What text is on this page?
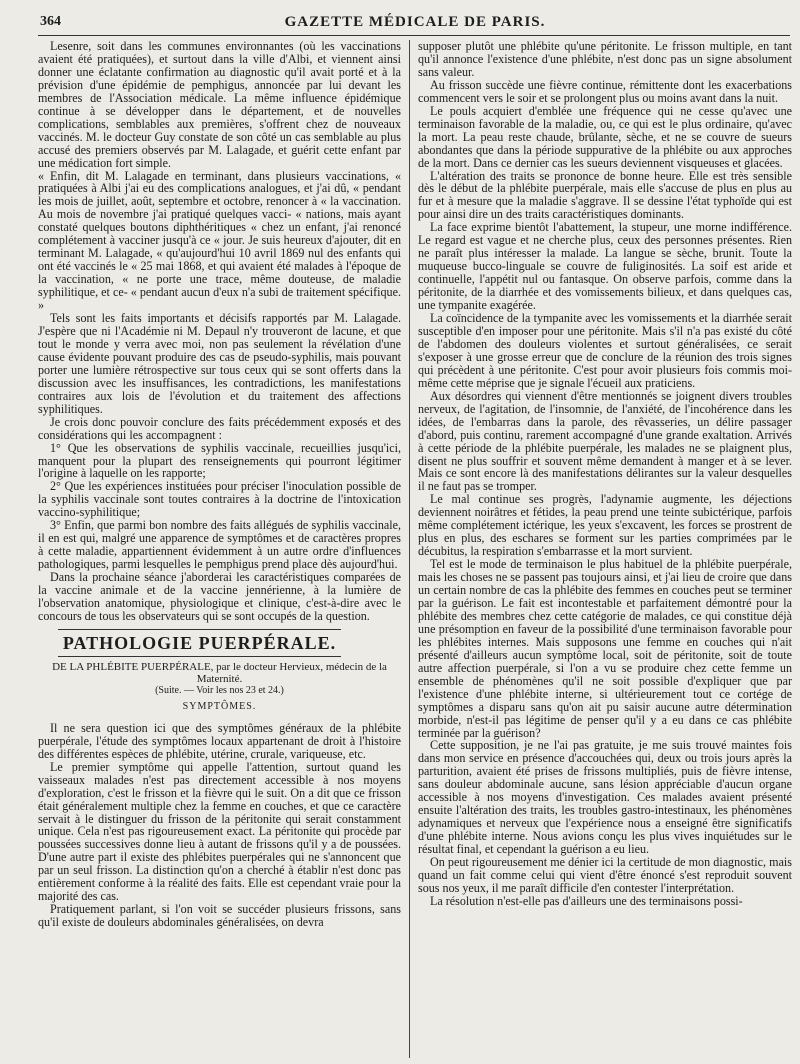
364	GAZETTE MÉDICALE DE PARIS.

Lesenre, soit dans les communes environnantes (où les vaccinations avaient été pratiquées), et surtout dans la ville d'Albi, et viennent ainsi donner une éclatante confirmation au diagnostic qu'il avait porté et à la prévision d'une épidémie de pemphigus, annoncée par lui devant les membres de l'Association médicale. La même influence épidémique continue à se développer dans le département, et de nouvelles complications, semblables aux premières, s'offrent chez de nouveaux vaccinés. M. le docteur Guy constate de son côté un cas semblable au plus accusé des premiers observés par M. Lalagade, et guérit cette enfant par une médication fort simple.

« Enfin, dit M. Lalagade en terminant, dans plusieurs vaccinations, « pratiquées à Albi j'ai eu des complications analogues, et j'ai dû, « pendant les mois de juillet, août, septembre et octobre, renoncer à « la vaccination. Au mois de novembre j'ai pratiqué quelques vacci- « nations, mais ayant constaté quelques boutons diphthéritiques « chez un enfant, j'ai renoncé complétement à vacciner jusqu'à ce « jour. Je suis heureux d'ajouter, dit en terminant M. Lalagade, « qu'aujourd'hui 10 avril 1869 nul des enfants qui ont été vaccinés le « 25 mai 1868, et qui avaient été malades à l'époque de la vaccination, « ne porte une trace, même douteuse, de maladie syphilitique, et ce- « pendant aucun d'eux n'a subi de traitement spécifique. »

Tels sont les faits importants et décisifs rapportés par M. Lalagade. J'espère que ni l'Académie ni M. Depaul n'y trouveront de lacune, et que tout le monde y verra avec moi, non pas seulement la révélation d'une cause évidente pouvant produire des cas de pseudo-syphilis, mais pouvant porter une lumière rétrospective sur tous ceux qui se sont offerts dans la discussion avec les insuffisances, les contradictions, les manifestations contraires aux lois de l'évolution et du traitement des affections syphilitiques.

Je crois donc pouvoir conclure des faits précédemment exposés et des considérations qui les accompagnent :

1° Que les observations de syphilis vaccinale, recueillies jusqu'ici, manquent pour la plupart des renseignements qui pourront légitimer l'origine à laquelle on les rapporte;

2° Que les expériences instituées pour préciser l'inoculation possible de la syphilis vaccinale sont toutes contraires à la doctrine de l'intoxication vaccino-syphilitique;

3° Enfin, que parmi bon nombre des faits allégués de syphilis vaccinale, il en est qui, malgré une apparence de symptômes et de caractères propres à cette maladie, appartiennent évidemment à un autre ordre d'influences pathologiques, parmi lesquelles le pemphigus prend place dès aujourd'hui.

Dans la prochaine séance j'aborderai les caractéristiques comparées de la vaccine animale et de la vaccine jennérienne, à la lumière de l'observation anatomique, physiologique et clinique, c'est-à-dire avec le concours de tous les observateurs qui se sont occupés de la question.

PATHOLOGIE PUERPÉRALE.
DE LA PHLÉBITE PUERPÉRALE, par le docteur Hervieux, médecin de la Maternité.
(Suite. — Voir les nos 23 et 24.)
SYMPTÔMES.

Il ne sera question ici que des symptômes généraux de la phlébite puerpérale, l'étude des symptômes locaux appartenant de droit à l'histoire des différentes espèces de phlébite, utérine, crurale, variqueuse, etc.

Le premier symptôme qui appelle l'attention, surtout quand les vaisseaux malades n'est pas directement accessible à nos moyens d'exploration, c'est le frisson et la fièvre qui le suit. On a dit que ce frisson était généralement multiple chez la femme en couches, et que ce caractère servait à le distinguer du frisson de la péritonite qui serait constamment unique. Cela n'est pas rigoureusement exact. La péritonite qui procède par poussées successives donne lieu à autant de frissons qu'il y a de poussées. D'une autre part il existe des phlébites puerpérales qui ne s'annoncent que par un seul frisson. La distinction qu'on a cherché à établir n'est donc pas entièrement conforme à la réalité des faits. Elle est cependant vraie pour la majorité des cas.

Pratiquement parlant, si l'on voit se succéder plusieurs frissons, sans qu'il existe de douleurs abdominales généralisées, on devra

supposer plutôt une phlébite qu'une péritonite. Le frisson multiple, en tant qu'il annonce l'existence d'une phlébite, n'est donc pas un signe absolument sans valeur.

Au frisson succède une fièvre continue, rémittente dont les exacerbations commencent vers le soir et se prolongent plus ou moins avant dans la nuit.

Le pouls acquiert d'emblée une fréquence qui ne cesse qu'avec une terminaison favorable de la maladie, ou, ce qui est le plus ordinaire, qu'avec la mort. La peau reste chaude, brûlante, sèche, et ne se couvre de sueurs abondantes que dans la période suppurative de la phlébite ou aux approches de la mort. Dans ce dernier cas les sueurs deviennent visqueuses et glacées.

L'altération des traits se prononce de bonne heure. Elle est très sensible dès le début de la phlébite puerpérale, mais elle s'accuse de plus en plus au fur et à mesure que la maladie s'aggrave. Il se dessine l'état typhoïde qui est pour ainsi dire un des traits caractéristiques dominants.

La face exprime bientôt l'abattement, la stupeur, une morne indifférence. Le regard est vague et ne cherche plus, ceux des personnes présentes. Rien ne paraît plus intéresser la malade. La langue se sèche, brunit. Toute la muqueuse bucco-linguale se couvre de fuliginosités. La soif est aride et continuelle, l'appétit nul ou fantasque. On observe parfois, comme dans la péritonite, de la diarrhée et des vomissements bilieux, et dans quelques cas, une tympanite exagérée.

La coïncidence de la tympanite avec les vomissements et la diarrhée serait susceptible d'en imposer pour une péritonite. Mais s'il n'a pas existé du côté de l'abdomen des douleurs violentes et surtout généralisées, ce serait s'exposer à une grosse erreur que de conclure de la réunion des trois signes qui précèdent à une péritonite. C'est pour avoir plusieurs fois commis moi-même cette méprise que je signale l'écueil aux praticiens.

Aux désordres qui viennent d'être mentionnés se joignent divers troubles nerveux, de l'agitation, de l'insomnie, de l'anxiété, de l'incohérence dans les idées, de l'embarras dans la parole, des rêvasseries, un délire passager d'abord, puis continu, rarement accompagné d'une grande exaltation. Arrivés à cette période de la phlébite puerpérale, les malades ne se plaignent plus, disent ne plus souffrir et souvent même demandent à manger et à se lever. Mais ce sont encore là des manifestations délirantes sur la valeur desquelles il ne faut pas se tromper.

Le mal continue ses progrès, l'adynamie augmente, les déjections deviennent noirâtres et fétides, la peau prend une teinte subictérique, parfois même complétement ictérique, les yeux s'excavent, les forces se prostrent de plus en plus, des eschares se forment sur les parties comprimées par le décubitus, la respiration s'embarrasse et la mort survient.

Tel est le mode de terminaison le plus habituel de la phlébite puerpérale, mais les choses ne se passent pas toujours ainsi, et j'ai lieu de croire que dans un certain nombre de cas la phlébite des femmes en couches peut se terminer par la guérison. Le fait est incontestable et parfaitement démontré pour la phlébite des membres chez cette catégorie de malades, ce qui constitue déjà une présomption en faveur de la possibilité d'une terminaison favorable pour les phlébites internes. Mais supposons une femme en couches qui n'ait présenté d'ailleurs aucun symptôme local, soit de péritonite, soit de toute autre affection puerpérale, si l'on a vu se produire chez cette femme un ensemble de phénomènes qu'il ne soit possible d'expliquer que par l'existence d'une phlébite interne, si ultérieurement tout ce cortége de symptômes a disparu sans qu'on ait pu saisir aucune autre détermination morbide, n'est-il pas légitime de penser qu'il y a eu dans ce cas phlébite terminée par la guérison?

Cette supposition, je ne l'ai pas gratuite, je me suis trouvé maintes fois dans mon service en présence d'accouchées qui, deux ou trois jours après la parturition, avaient été prises de frissons multipliés, puis de fièvre intense, sans douleur abdominale aucune, sans lésion appréciable d'aucun organe accessible à nos moyens d'investigation. Ces malades avaient présenté ensuite l'altération des traits, les troubles gastro-intestinaux, les phénomènes adynamiques et nerveux que l'expérience nous a enseigné être significatifs d'une phlébite interne. Nous avions conçu les plus vives inquiétudes sur le résultat final, et cependant la guérison a eu lieu.

On peut rigoureusement me dénier ici la certitude de mon diagnostic, mais quand un fait comme celui qui vient d'être énoncé s'est reproduit souvent sous nos yeux, il me paraît difficile d'en contester l'interprétation.

La résolution n'est-elle pas d'ailleurs une des terminaisons possi-
